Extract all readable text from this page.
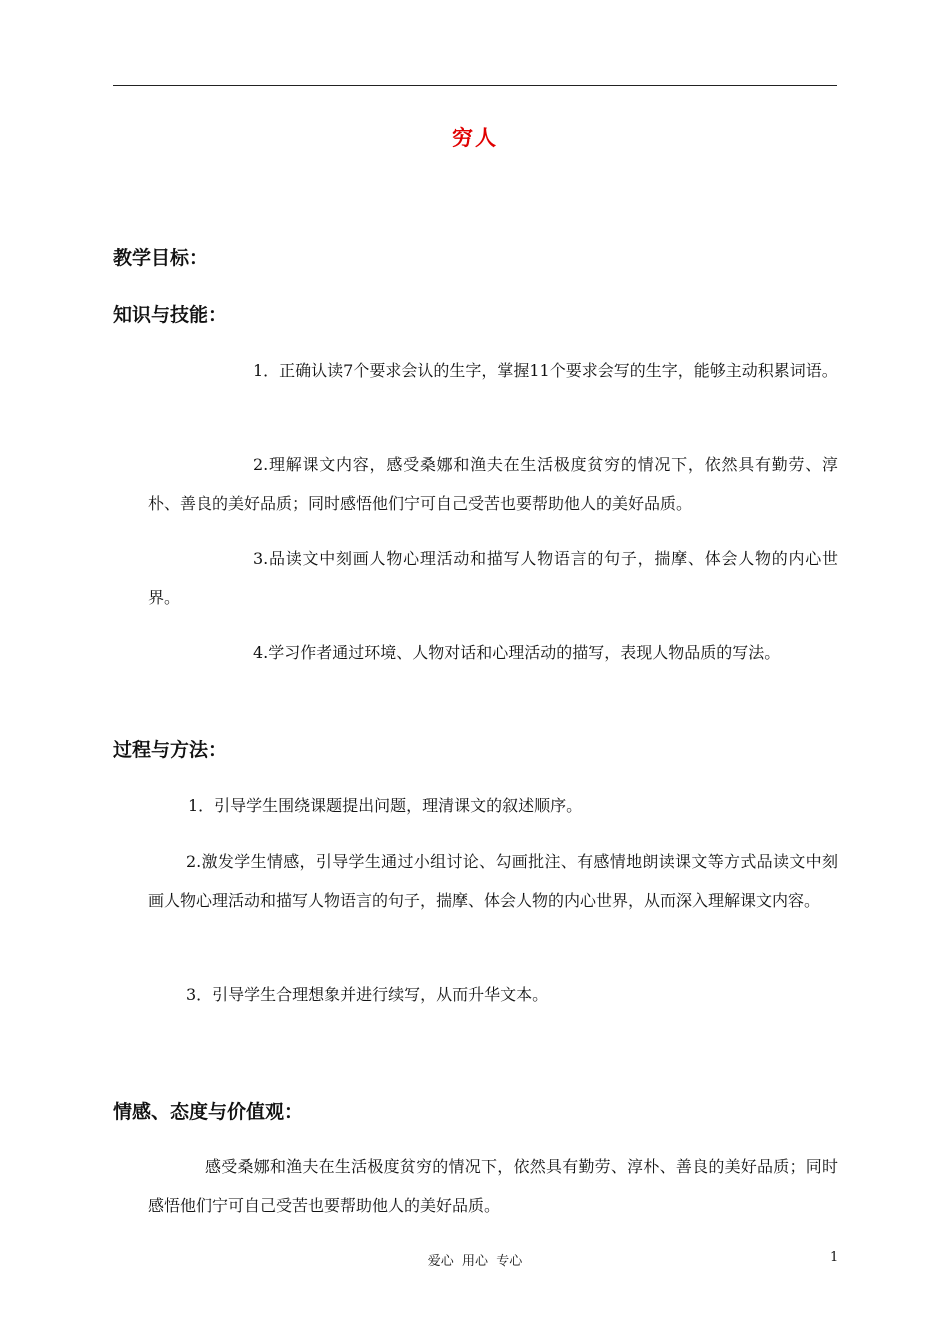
穷人
教学目标：
知识与技能：
1．正确认读7个要求会认的生字，掌握11个要求会写的生字，能够主动积累词语。
2.理解课文内容，感受桑娜和渔夫在生活极度贫穷的情况下，依然具有勤劳、淳朴、善良的美好品质；同时感悟他们宁可自己受苦也要帮助他人的美好品质。
3.品读文中刻画人物心理活动和描写人物语言的句子，揣摩、体会人物的内心世界。
4.学习作者通过环境、人物对话和心理活动的描写，表现人物品质的写法。
过程与方法：
1．引导学生围绕课题提出问题，理清课文的叙述顺序。
2.激发学生情感，引导学生通过小组讨论、勾画批注、有感情地朗读课文等方式品读文中刻画人物心理活动和描写人物语言的句子，揣摩、体会人物的内心世界，从而深入理解课文内容。
3．引导学生合理想象并进行续写，从而升华文本。
情感、态度与价值观：
感受桑娜和渔夫在生活极度贫穷的情况下，依然具有勤劳、淳朴、善良的美好品质；同时感悟他们宁可自己受苦也要帮助他人的美好品质。
爱心  用心  专心	1
